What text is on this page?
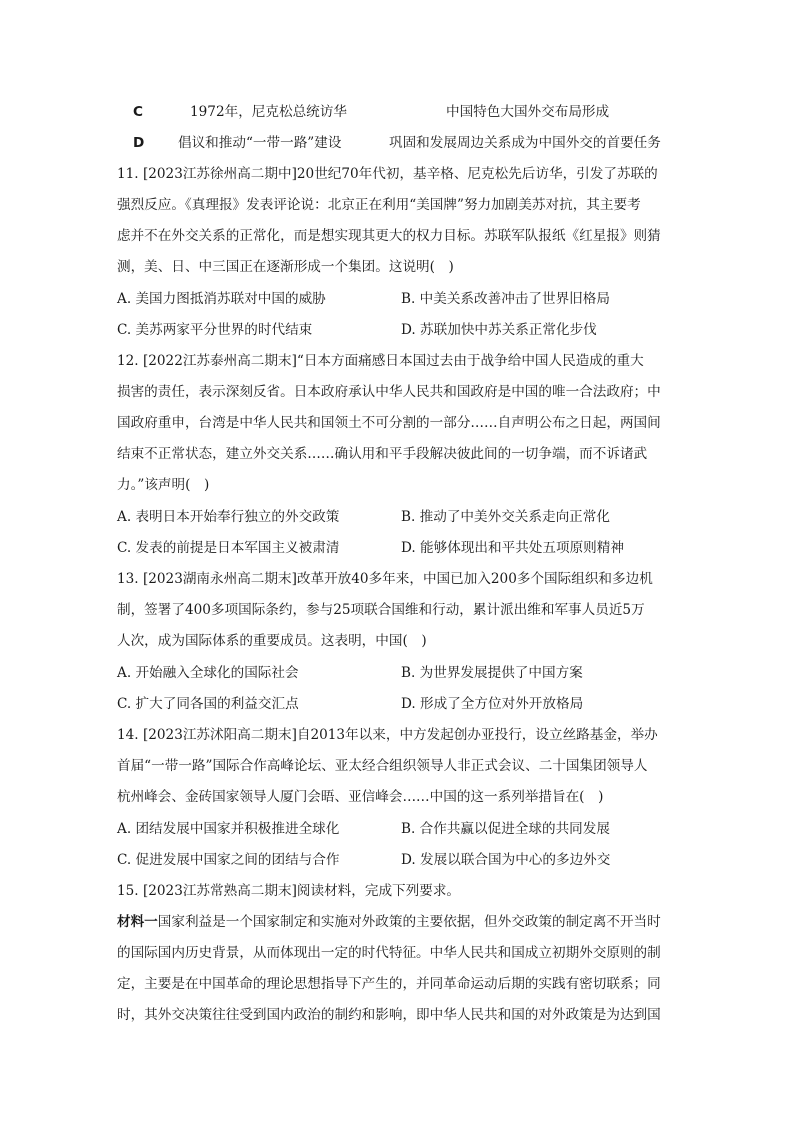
C	1972年，尼克松总统访华	中国特色大国外交布局形成
D 倡议和推动“一带一路”建设	巩固和发展周边关系成为中国外交的首要任务
11. [2023江苏徐州高二期中]20世纪70年代初，基辛格、尼克松先后访华，引发了苏联的
强烈反应。《真理报》发表评论说：北京正在利用“美国牌”努力加剧美苏对抗，其主要考
虑并不在外交关系的正常化，而是想实现其更大的权力目标。苏联军队报纸《红星报》则猜
测，美、日、中三国正在逐渐形成一个集团。这说明(　)
A. 美国力图抵消苏联对中国的威胁	B. 中美关系改善冲击了世界旧格局
C. 美苏两家平分世界的时代结束	D. 苏联加快中苏关系正常化步伐
12. [2022江苏泰州高二期末]“日本方面痛感日本国过去由于战争给中国人民造成的重大
损害的责任，表示深刻反省。日本政府承认中华人民共和国政府是中国的唯一合法政府；中
国政府重申，台湾是中华人民共和国领土不可分割的一部分……自声明公布之日起，两国间
结束不正常状态，建立外交关系……确认用和平手段解决彼此间的一切争端，而不诉诸武
力。”该声明(　)
A. 表明日本开始奉行独立的外交政策	B. 推动了中美外交关系走向正常化
C. 发表的前提是日本军国主义被肃清	D. 能够体现出和平共处五项原则精神
13. [2023湖南永州高二期末]改革开放40多年来，中国已加入200多个国际组织和多边机
制，签署了400多项国际条约，参与25项联合国维和行动，累计派出维和军事人员近5万
人次，成为国际体系的重要成员。这表明，中国(　)
A. 开始融入全球化的国际社会	B. 为世界发展提供了中国方案
C. 扩大了同各国的利益交汇点	D. 形成了全方位对外开放格局
14. [2023江苏沭阳高二期末]自2013年以来，中方发起创办亚投行，设立丝路基金，举办
首届“一带一路”国际合作高峰论坛、亚太经合组织领导人非正式会议、二十国集团领导人
杭州峰会、金砖国家领导人厦门会晤、亚信峰会……中国的这一系列举措旨在(　)
A. 团结发展中国家并积极推进全球化	B. 合作共赢以促进全球的共同发展
C. 促进发展中国家之间的团结与合作	D. 发展以联合国为中心的多边外交
15. [2023江苏常熟高二期末]阅读材料，完成下列要求。
材料一国家利益是一个国家制定和实施对外政策的主要依据，但外交政策的制定离不开当时
的国际国内历史背景，从而体现出一定的时代特征。中华人民共和国成立初期外交原则的制
定，主要是在中国革命的理论思想指导下产生的，并同革命运动后期的实践有密切联系；同
时，其外交决策往往受到国内政治的制约和影响，即中华人民共和国的对外政策是为达到国
